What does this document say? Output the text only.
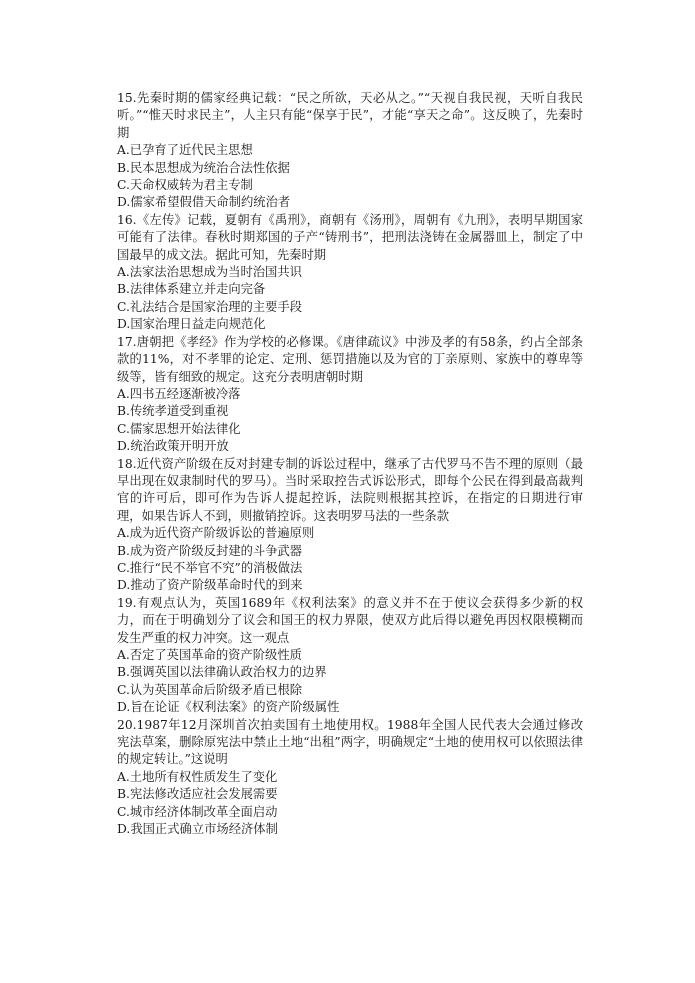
15.先秦时期的儒家经典记载：“民之所欲，天必从之。”“天视自我民视，天听自我民听。”“惟天时求民主”，人主只有能“保享于民”，才能“享天之命”。这反映了，先秦时期

A.已孕育了近代民主思想

B.民本思想成为统治合法性依据

C.天命权威转为君主专制

D.儒家希望假借天命制约统治者

16.《左传》记载，夏朝有《禹刑》，商朝有《汤刑》，周朝有《九刑》，表明早期国家可能有了法律。春秋时期郑国的子产“铸刑书”，把刑法浇铸在金属器皿上，制定了中国最早的成文法。据此可知，先秦时期

A.法家法治思想成为当时治国共识

B.法律体系建立并走向完备

C.礼法结合是国家治理的主要手段

D.国家治理日益走向规范化

17.唐朝把《孝经》作为学校的必修课。《唐律疏议》中涉及孝的有58条，约占全部条款的11%，对不孝罪的论定、定刑、惩罚措施以及为官的丁亲原则、家族中的尊卑等级等，皆有细致的规定。这充分表明唐朝时期

A.四书五经逐渐被冷落

B.传统孝道受到重视

C.儒家思想开始法律化

D.统治政策开明开放

18.近代资产阶级在反对封建专制的诉讼过程中，继承了古代罗马不告不理的原则（最早出现在奴隶制时代的罗马）。当时采取控告式诉讼形式，即每个公民在得到最高裁判官的许可后，即可作为告诉人提起控诉，法院则根据其控诉，在指定的日期进行审理，如果告诉人不到，则撤销控诉。这表明罗马法的一些条款

A.成为近代资产阶级诉讼的普遍原则

B.成为资产阶级反封建的斗争武器

C.推行“民不举官不究”的消极做法

D.推动了资产阶级革命时代的到来

19.有观点认为，英国1689年《权利法案》的意义并不在于使议会获得多少新的权力，而在于明确划分了议会和国王的权力界限，使双方此后得以避免再因权限模糊而发生严重的权力冲突。这一观点

A.否定了英国革命的资产阶级性质

B.强调英国以法律确认政治权力的边界

C.认为英国革命后阶级矛盾已根除

D.旨在论证《权利法案》的资产阶级属性

20.1987年12月深圳首次拍卖国有土地使用权。1988年全国人民代表大会通过修改宪法草案，删除原宪法中禁止土地“出租”两字，明确规定“土地的使用权可以依照法律的规定转让。”这说明

A.土地所有权性质发生了变化

B.宪法修改适应社会发展需要

C.城市经济体制改革全面启动

D.我国正式确立市场经济体制
